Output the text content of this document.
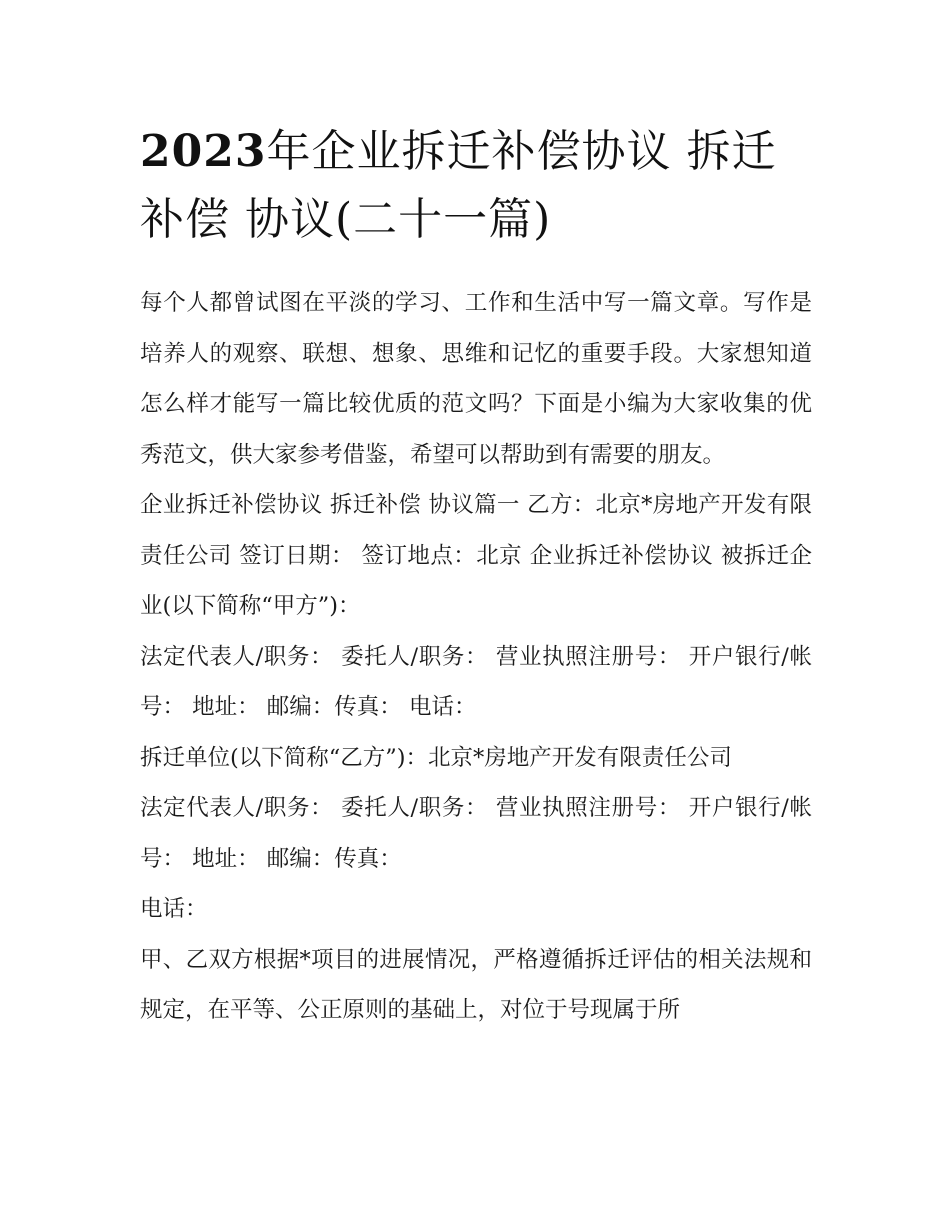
2023年企业拆迁补偿协议 拆迁补偿 协议(二十一篇)

每个人都曾试图在平淡的学习、工作和生活中写一篇文章。写作是培养人的观察、联想、想象、思维和记忆的重要手段。大家想知道怎么样才能写一篇比较优质的范文吗？下面是小编为大家收集的优秀范文，供大家参考借鉴，希望可以帮助到有需要的朋友。

企业拆迁补偿协议 拆迁补偿 协议篇一 乙方：北京*房地产开发有限责任公司 签订日期： 签订地点：北京 企业拆迁补偿协议 被拆迁企业(以下简称“甲方”)：

法定代表人/职务： 委托人/职务： 营业执照注册号： 开户银行/帐号： 地址： 邮编：传真： 电话：

拆迁单位(以下简称“乙方”)：北京*房地产开发有限责任公司

法定代表人/职务： 委托人/职务： 营业执照注册号： 开户银行/帐号： 地址： 邮编：传真：

电话：

甲、乙双方根据*项目的进展情况，严格遵循拆迁评估的相关法规和规定，在平等、公正原则的基础上，对位于号现属于所
